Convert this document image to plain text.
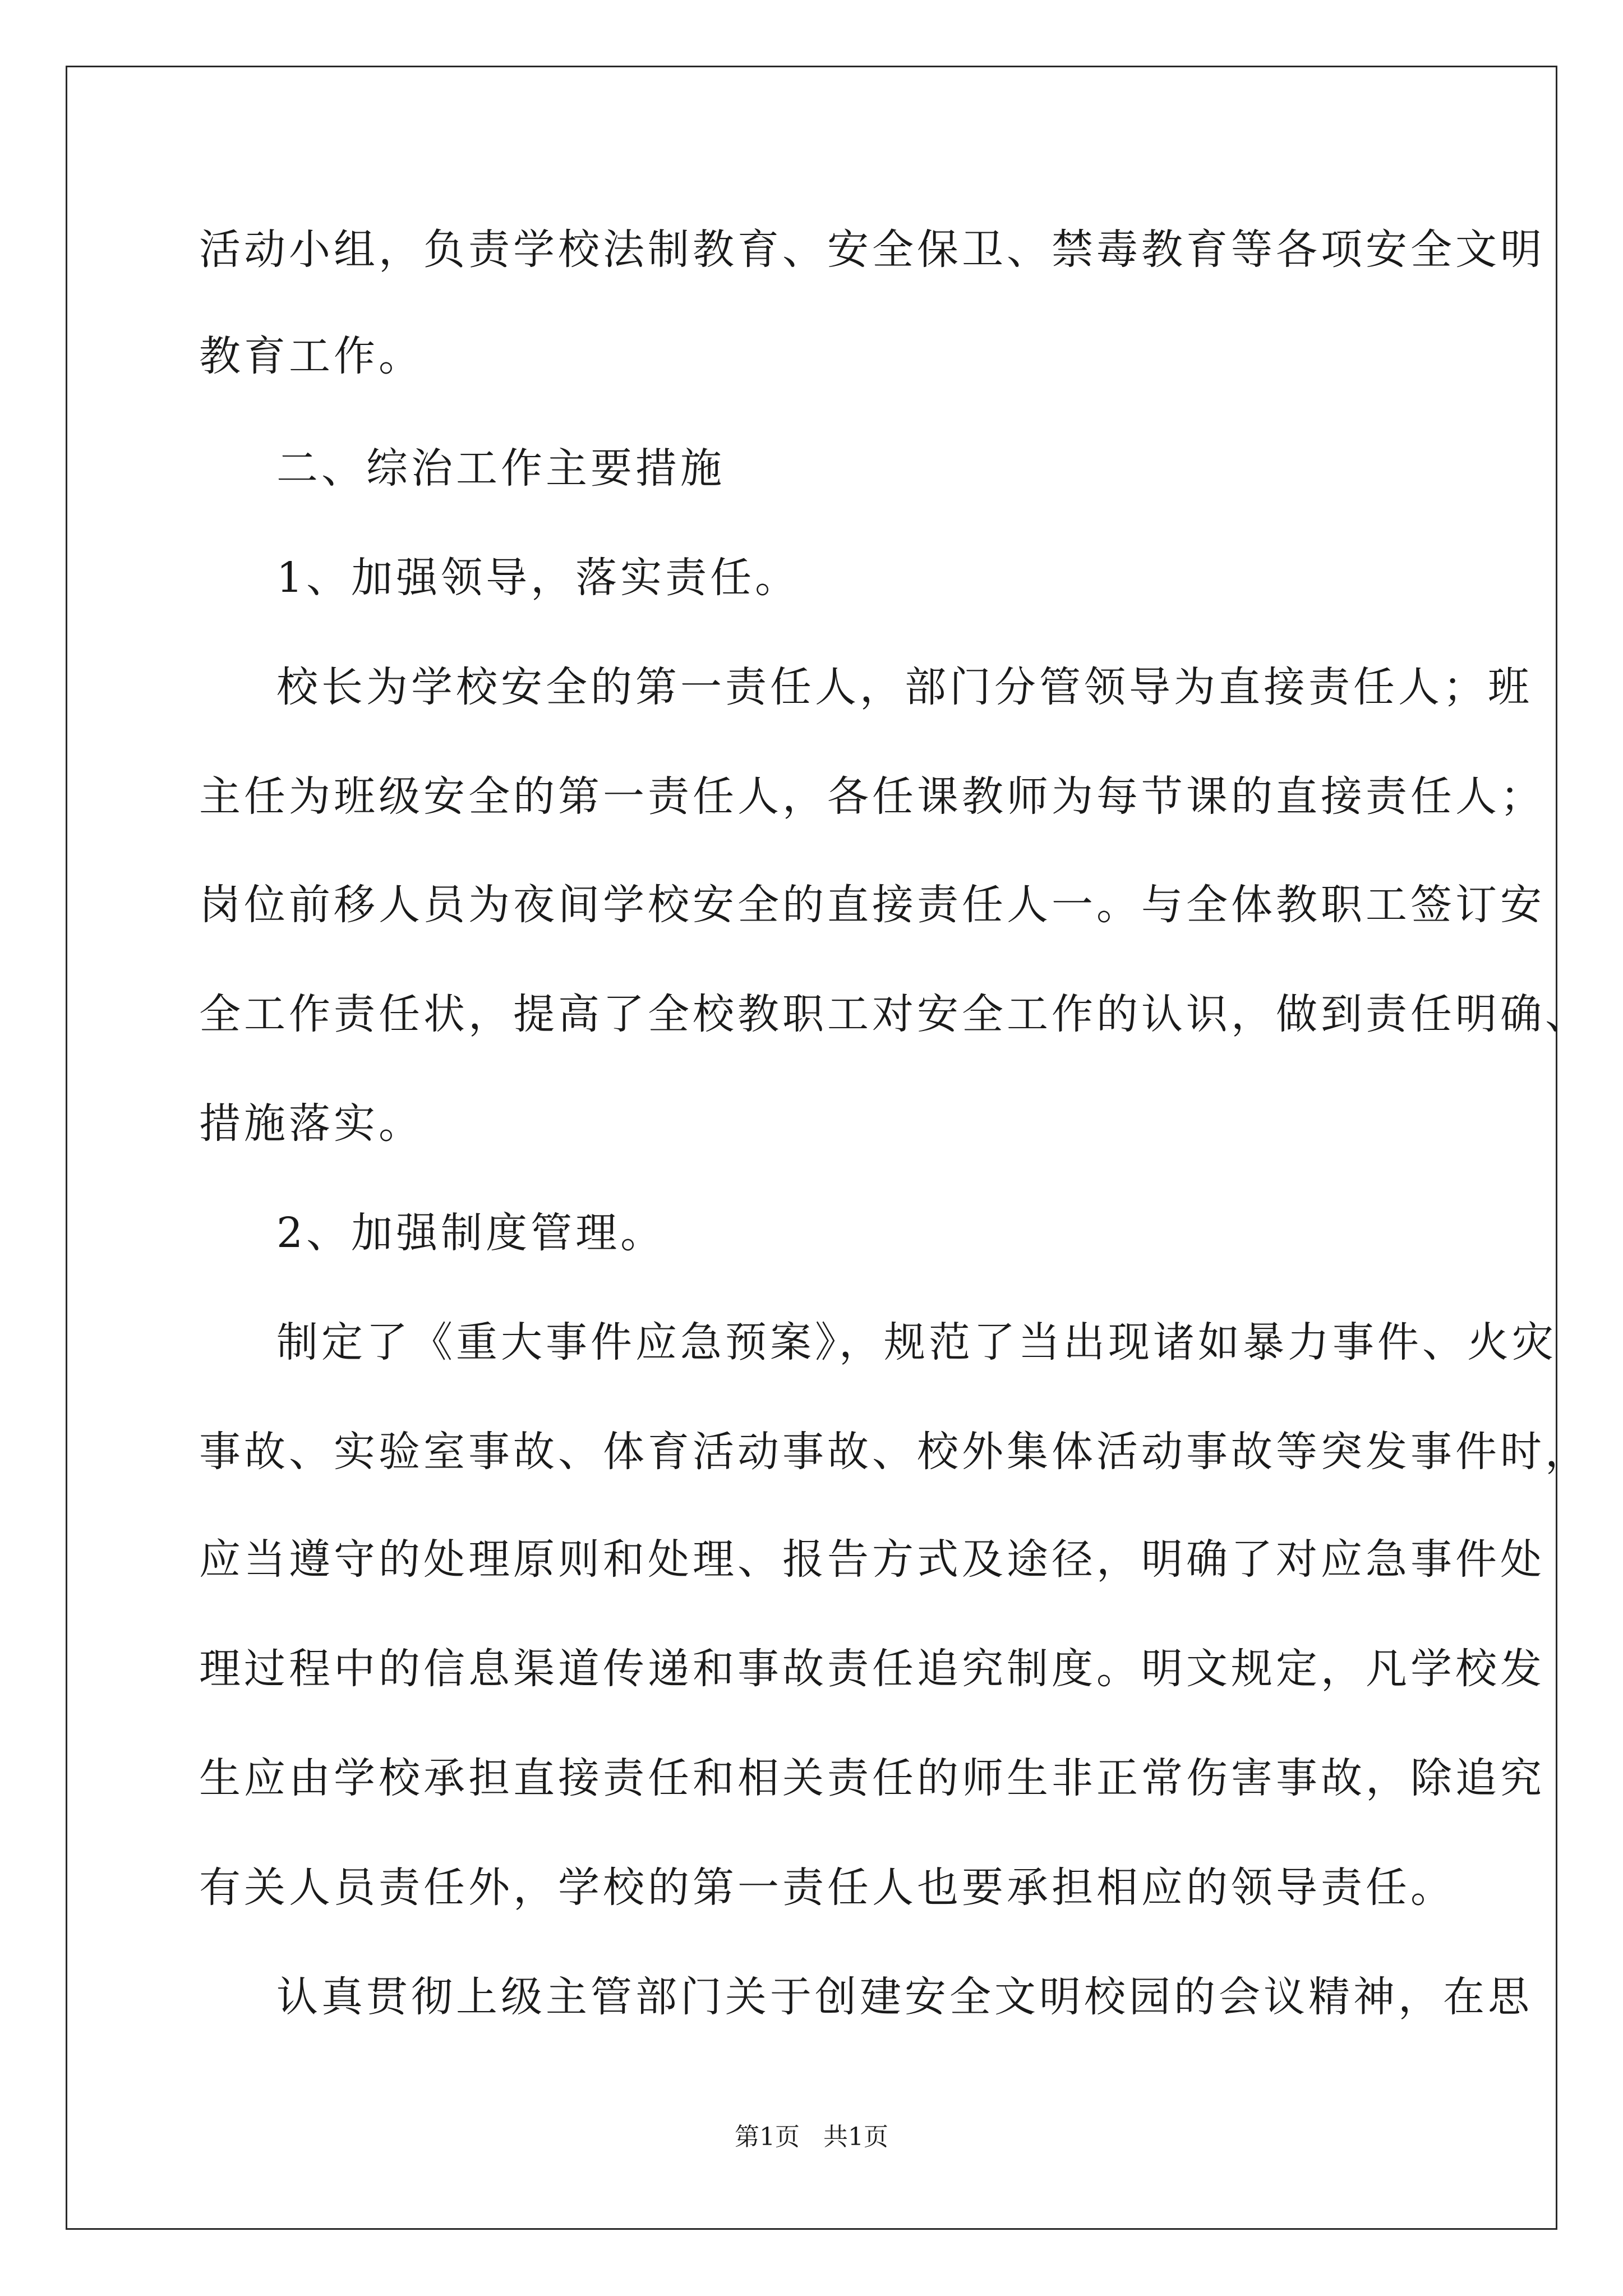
活动小组，负责学校法制教育、安全保卫、禁毒教育等各项安全文明
教育工作。
二、综治工作主要措施
1、加强领导，落实责任。
校长为学校安全的第一责任人，部门分管领导为直接责任人；班
主任为班级安全的第一责任人，各任课教师为每节课的直接责任人；
岗位前移人员为夜间学校安全的直接责任人一。与全体教职工签订安
全工作责任状，提高了全校教职工对安全工作的认识，做到责任明确、
措施落实。
2、加强制度管理。
制定了《重大事件应急预案》，规范了当出现诸如暴力事件、火灾
事故、实验室事故、体育活动事故、校外集体活动事故等突发事件时，
应当遵守的处理原则和处理、报告方式及途径，明确了对应急事件处
理过程中的信息渠道传递和事故责任追究制度。明文规定，凡学校发
生应由学校承担直接责任和相关责任的师生非正常伤害事故，除追究
有关人员责任外，学校的第一责任人也要承担相应的领导责任。
认真贯彻上级主管部门关于创建安全文明校园的会议精神，在思
第1页   共1页
